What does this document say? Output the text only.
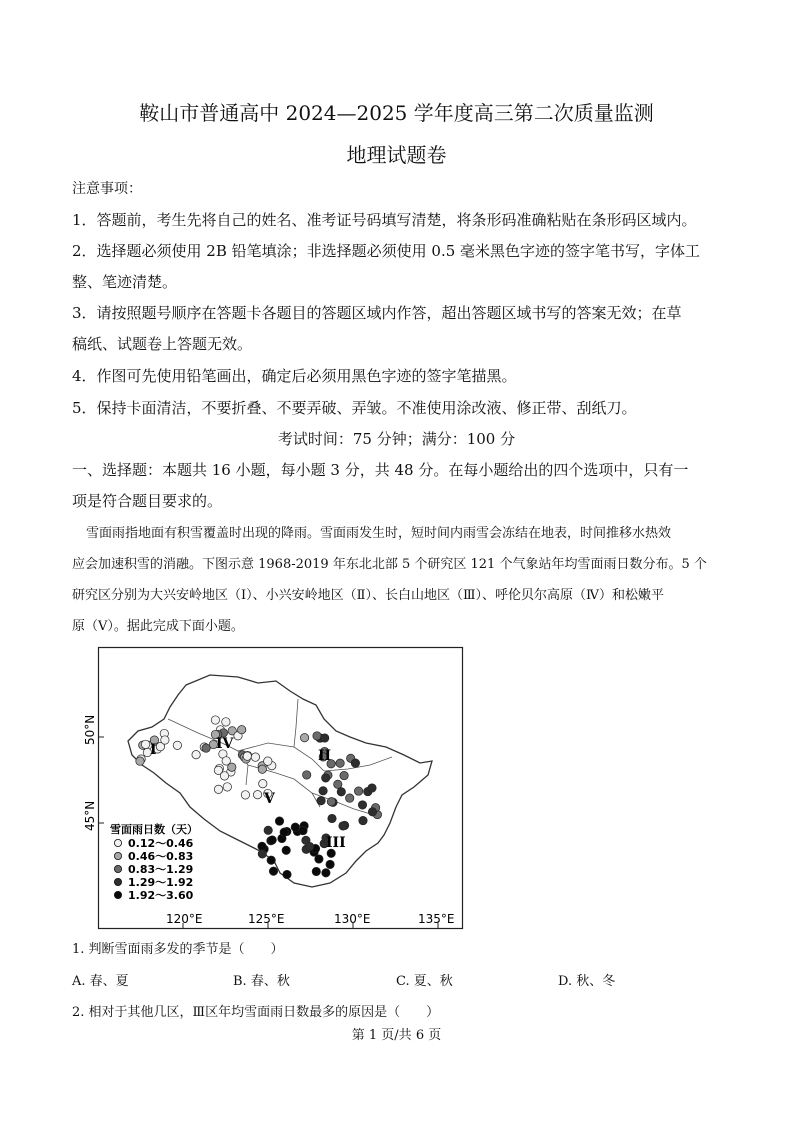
鞍山市普通高中 2024—2025 学年度高三第二次质量监测
地理试题卷
注意事项：
1．答题前，考生先将自己的姓名、准考证号码填写清楚，将条形码准确粘贴在条形码区域内。
2．选择题必须使用 2B 铅笔填涂；非选择题必须使用 0.5 毫米黑色字迹的签字笔书写，字体工
整、笔迹清楚。
3．请按照题号顺序在答题卡各题目的答题区域内作答，超出答题区域书写的答案无效；在草
稿纸、试题卷上答题无效。
4．作图可先使用铅笔画出，确定后必须用黑色字迹的签字笔描黑。
5．保持卡面清洁，不要折叠、不要弄破、弄皱。不准使用涂改液、修正带、刮纸刀。
考试时间：75 分钟；满分：100 分
一、选择题：本题共 16 小题，每小题 3 分，共 48 分。在每小题给出的四个选项中，只有一
项是符合题目要求的。
雪面雨指地面有积雪覆盖时出现的降雨。雪面雨发生时，短时间内雨雪会冻结在地表，时间推移水热效
应会加速积雪的消融。下图示意 1968-2019 年东北北部 5 个研究区 121 个气象站年均雪面雨日数分布。5 个
研究区分别为大兴安岭地区（Ⅰ）、小兴安岭地区（Ⅱ）、长白山地区（Ⅲ）、呼伦贝尔高原（Ⅳ）和松嫩平
原（Ⅴ）。据此完成下面小题。
I	IV
II
V
III
50°N
45°N
120°E	125°E	130°E	135°E
雪面雨日数（天）
0.12～0.46
0.46～0.83
0.83～1.29
1.29～1.92
1.92～3.60
1. 判断雪面雨多发的季节是（　　）
A. 春、夏	B. 春、秋	C. 夏、秋	D. 秋、冬
2. 相对于其他几区，Ⅲ区年均雪面雨日数最多的原因是（　　）
第 1 页/共 6 页
